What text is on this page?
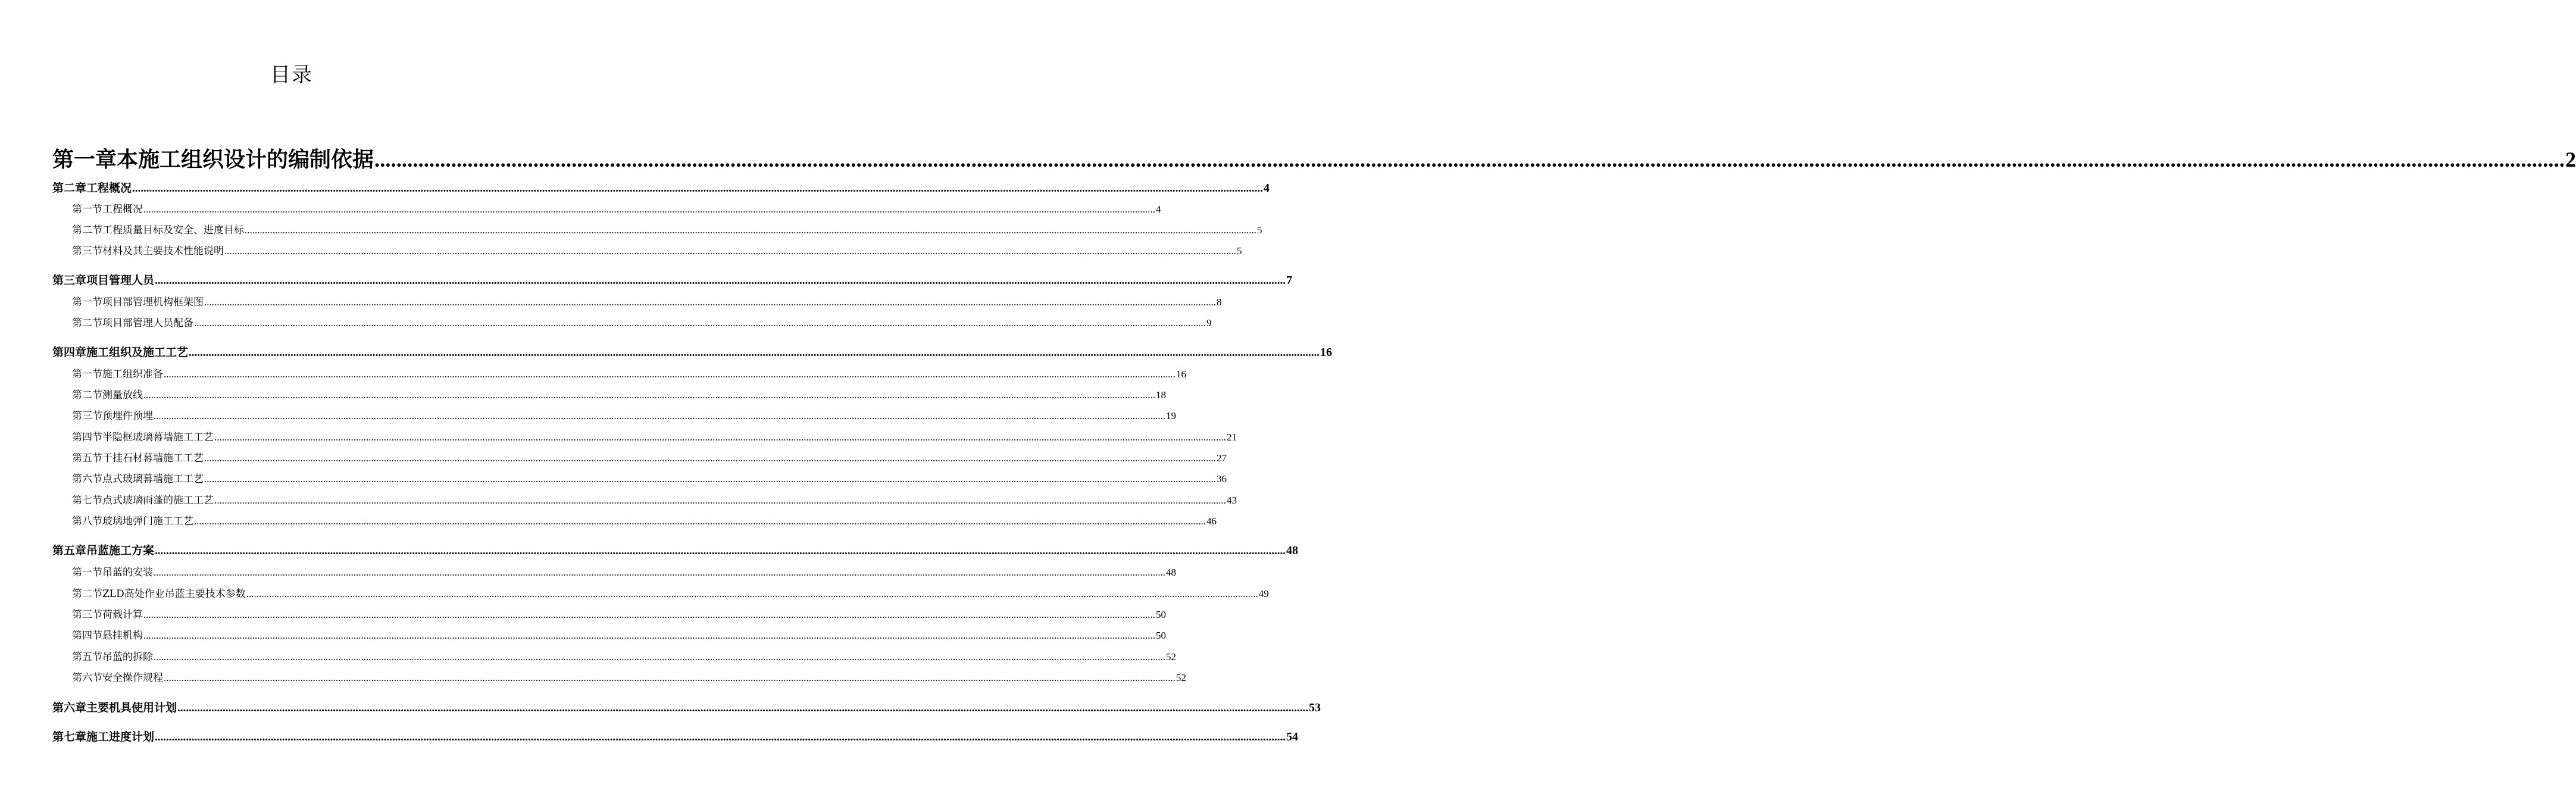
目录
第一章 本施工组织设计的编制依据 ................................................................................................................................................................................................................................................................................................................................................................................................................ 2
第二章 工程概况 ................................................................................................................................................................................................................................................................................................................................................................................................................ 4
第一节 工程概况 ................................................................................................................................................................................................................................................................................................................................................................................................................ 4
第二节 工程质量目标及安全、进度目标 ................................................................................................................................................................................................................................................................................................................................................................................................................ 5
第三节 材料及其主要技术性能说明 ................................................................................................................................................................................................................................................................................................................................................................................................................ 5
第三章 项目管理人员 ................................................................................................................................................................................................................................................................................................................................................................................................................ 7
第一节 项目部管理机构框架图 ................................................................................................................................................................................................................................................................................................................................................................................................................ 8
第二节 项目部管理人员配备 ................................................................................................................................................................................................................................................................................................................................................................................................................ 9
第四章 施工组织及施工工艺 ................................................................................................................................................................................................................................................................................................................................................................................................................ 16
第一节 施工组织准备 ................................................................................................................................................................................................................................................................................................................................................................................................................ 16
第二节 测量放线 ................................................................................................................................................................................................................................................................................................................................................................................................................ 18
第三节 预埋件预埋 ................................................................................................................................................................................................................................................................................................................................................................................................................ 19
第四节 半隐框玻璃幕墙施工工艺 ................................................................................................................................................................................................................................................................................................................................................................................................................ 21
第五节 干挂石材幕墙施工工艺 ................................................................................................................................................................................................................................................................................................................................................................................................................ 27
第六节 点式玻璃幕墙施工工艺 ................................................................................................................................................................................................................................................................................................................................................................................................................ 36
第七节 点式玻璃雨蓬的施工工艺 ................................................................................................................................................................................................................................................................................................................................................................................................................ 43
第八节 玻璃地弹门施工工艺 ................................................................................................................................................................................................................................................................................................................................................................................................................ 46
第五章 吊蓝施工方案 ................................................................................................................................................................................................................................................................................................................................................................................................................ 48
第一节 吊蓝的安装 ................................................................................................................................................................................................................................................................................................................................................................................................................ 48
第二节 ZLD高处作业吊蓝主要技术参数 ................................................................................................................................................................................................................................................................................................................................................................................................................ 49
第三节 荷载计算 ................................................................................................................................................................................................................................................................................................................................................................................................................ 50
第四节 悬挂机构 ................................................................................................................................................................................................................................................................................................................................................................................................................ 50
第五节 吊蓝的拆除 ................................................................................................................................................................................................................................................................................................................................................................................................................ 52
第六节 安全操作规程 ................................................................................................................................................................................................................................................................................................................................................................................................................ 52
第六章 主要机具使用计划 ................................................................................................................................................................................................................................................................................................................................................................................................................ 53
第七章 施工进度计划 ................................................................................................................................................................................................................................................................................................................................................................................................................ 54
